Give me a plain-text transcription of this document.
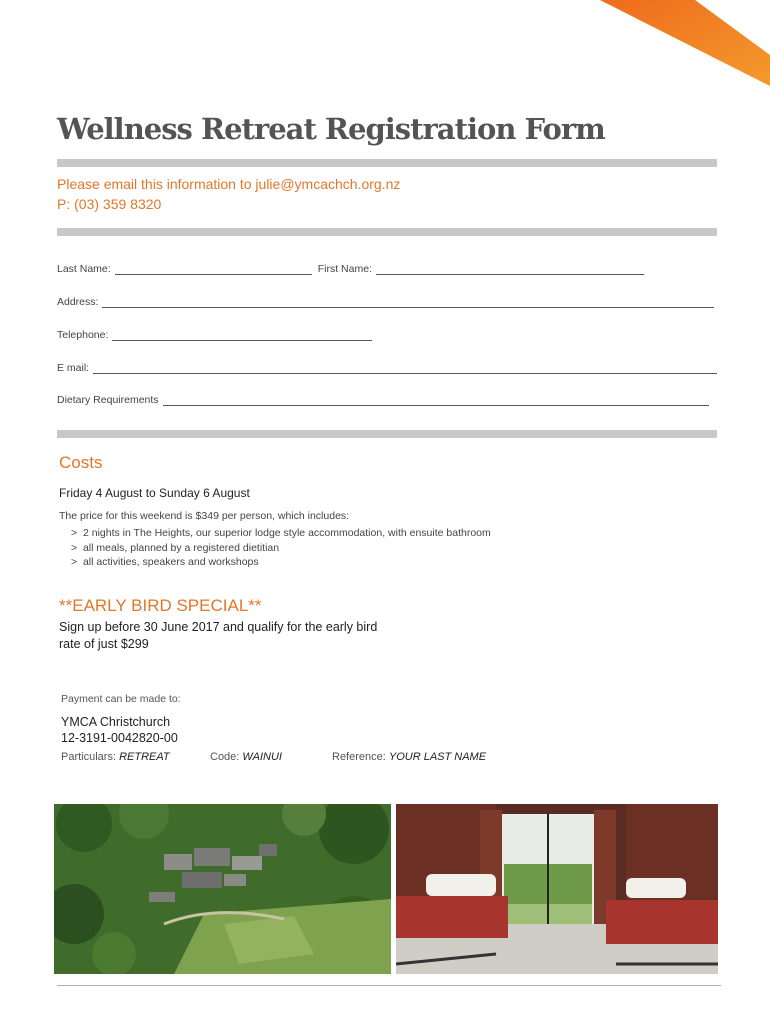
Wellness Retreat Registration Form
Please email this information to julie@ymcachch.org.nz
P: (03) 359 8320
Last Name:	First Name:
Address:
Telephone:
E mail:
Dietary Requirements
Costs
Friday 4 August to Sunday 6 August
The price for this weekend is $349 per person, which includes:
>  2 nights in The Heights, our superior lodge style accommodation, with ensuite bathroom
>  all meals, planned by a registered dietitian
>  all activities, speakers and workshops
**EARLY BIRD SPECIAL**
Sign up before 30 June 2017 and qualify for the early bird rate of just $299
Payment can be made to:
YMCA Christchurch
12-3191-0042820-00
Particulars: RETREAT	Code: WAINUI	Reference: YOUR LAST NAME
